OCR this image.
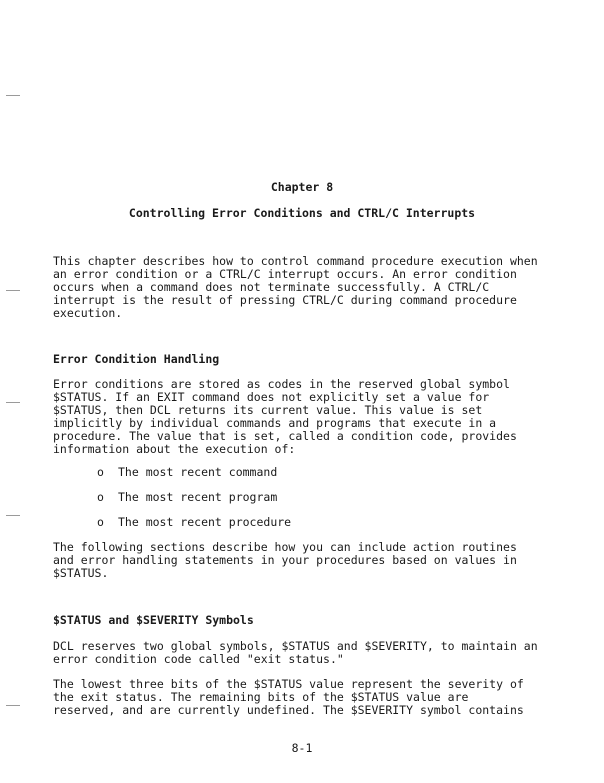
Chapter 8
Controlling Error Conditions and CTRL/C Interrupts

This chapter describes how to control command procedure execution when
an error condition or a CTRL/C interrupt occurs. An error condition
occurs when a command does not terminate successfully. A CTRL/C
interrupt is the result of pressing CTRL/C during command procedure
execution.

Error Condition Handling

Error conditions are stored as codes in the reserved global symbol
$STATUS. If an EXIT command does not explicitly set a value for
$STATUS, then DCL returns its current value. This value is set
implicitly by individual commands and programs that execute in a
procedure. The value that is set, called a condition code, provides
information about the execution of:

o The most recent command
o The most recent program
o The most recent procedure

The following sections describe how you can include action routines
and error handling statements in your procedures based on values in
$STATUS.

$STATUS and $SEVERITY Symbols

DCL reserves two global symbols, $STATUS and $SEVERITY, to maintain an
error condition code called "exit status."

The lowest three bits of the $STATUS value represent the severity of
the exit status. The remaining bits of the $STATUS value are
reserved, and are currently undefined. The $SEVERITY symbol contains

8-1
